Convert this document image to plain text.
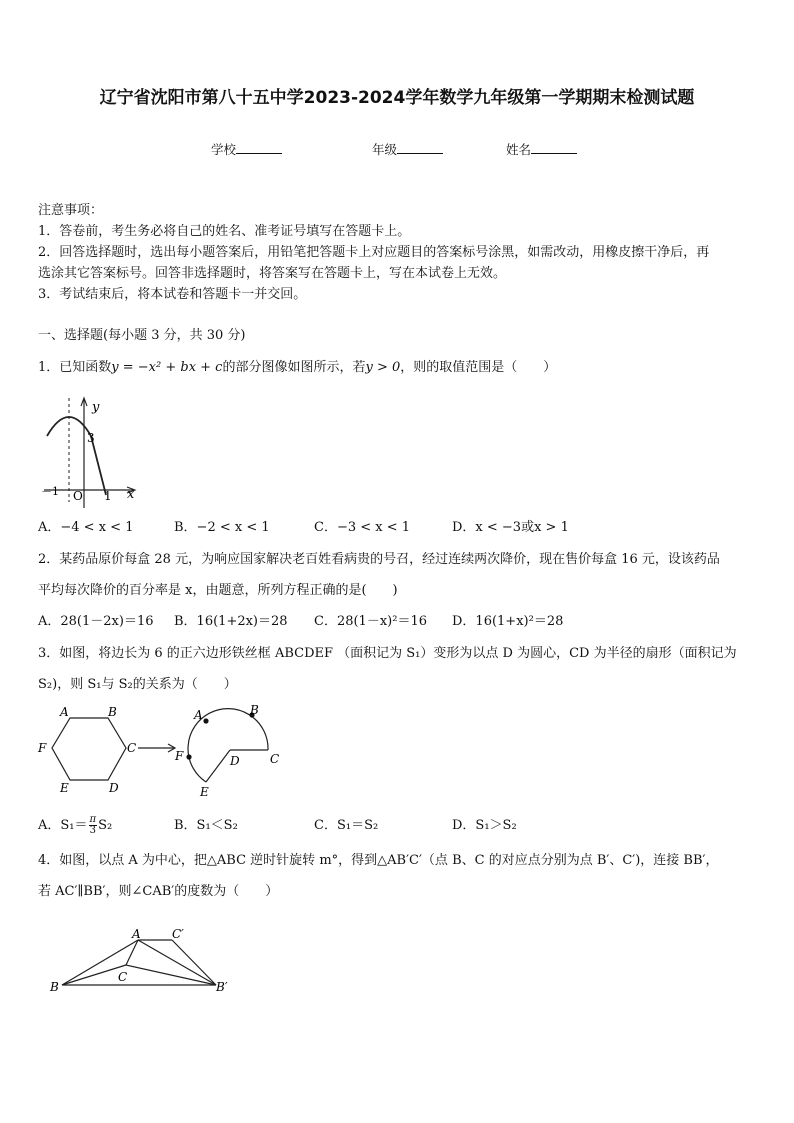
辽宁省沈阳市第八十五中学2023-2024学年数学九年级第一学期期末检测试题
学校	年级	姓名
注意事项：
1．答卷前，考生务必将自己的姓名、准考证号填写在答题卡上。
2．回答选择题时，选出每小题答案后，用铅笔把答题卡上对应题目的答案标号涂黑，如需改动，用橡皮擦干净后，再
选涂其它答案标号。回答非选择题时，将答案写在答题卡上，写在本试卷上无效。
3．考试结束后，将本试卷和答题卡一并交回。
一、选择题(每小题 3 分，共 30 分)
1．已知函数y = −x² + bx + c的部分图像如图所示，若y > 0，则的取值范围是（　　）
y
3
－1 O 1 x
A．−4 < x < 1	B．−2 < x < 1	C．−3 < x < 1	D．x < −3或x > 1
2．某药品原价每盒 28 元，为响应国家解决老百姓看病贵的号召，经过连续两次降价，现在售价每盒 16 元，设该药品
平均每次降价的百分率是 x，由题意，所列方程正确的是(　　)
A．28(1－2x)＝16 B．16(1+2x)＝28 C．28(1－x)²＝16 D．16(1+x)²＝28
3．如图，将边长为 6 的正六边形铁丝框 ABCDEF （面积记为 S₁）变形为以点 D 为圆心，CD 为半径的扇形（面积记为
S₂)，则 S₁与 S₂的关系为（　　）
A	B
C
D
E
F
A	B
C
D
E
F
A．$S_1= \frac{\pi}{3} S_2$	B．S₁＜S₂	C．S₁＝S₂	D．S₁＞S₂
4．如图，以点 A 为中心，把△ABC 逆时针旋转 m°，得到△AB′C′（点 B、C 的对应点分别为点 B′、C′)，连接 BB′，
若 AC′∥BB′，则∠CAB′的度数为（　　）
A	C′
C
B	B′
